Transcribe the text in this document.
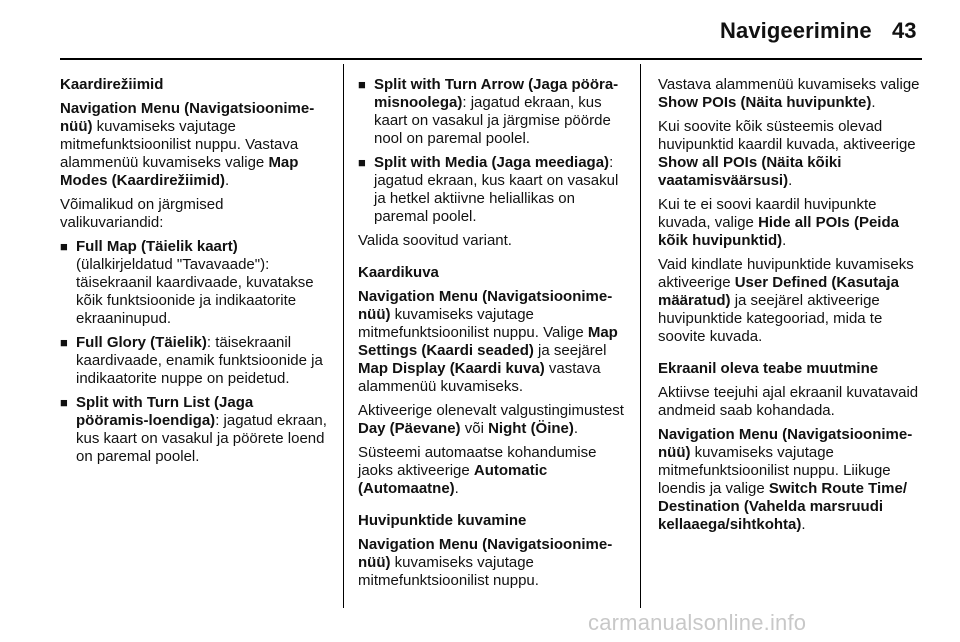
Navigeerimine 43

Kaardirežiimid

Navigation Menu (Navigatsioonime-nüü) kuvamiseks vajutage mitmefunktsioonilist nuppu. Vastava alammenüü kuvamiseks valige Map Modes (Kaardirežiimid).

Võimalikud on järgmised valikuvariandid:

■ Full Map (Täielik kaart) (ülalkirjeldatud "Tavavaade"): täisekraanil kaardivaade, kuvatakse kõik funktsioonide ja indikaatorite ekraaninupud.
■ Full Glory (Täielik): täisekraanil kaardivaade, enamik funktsioonide ja indikaatorite nuppe on peidetud.
■ Split with Turn List (Jaga pööramis-loendiga): jagatud ekraan, kus kaart on vasakul ja pöörete loend on paremal poolel.
■ Split with Turn Arrow (Jaga pööra-misnoolega): jagatud ekraan, kus kaart on vasakul ja järgmise pöörde nool on paremal poolel.
■ Split with Media (Jaga meediaga): jagatud ekraan, kus kaart on vasakul ja hetkel aktiivne heliallikas on paremal poolel.

Valida soovitud variant.

Kaardikuva

Navigation Menu (Navigatsioonime-nüü) kuvamiseks vajutage mitmefunktsioonilist nuppu. Valige Map Settings (Kaardi seaded) ja seejärel Map Display (Kaardi kuva) vastava alammenüü kuvamiseks.

Aktiveerige olenevalt valgustingimustest Day (Päevane) või Night (Öine).

Süsteemi automaatse kohandumise jaoks aktiveerige Automatic (Automaatne).

Huvipunktide kuvamine

Navigation Menu (Navigatsioonime-nüü) kuvamiseks vajutage mitmefunktsioonilist nuppu.

Vastava alammenüü kuvamiseks valige Show POIs (Näita huvipunkte).

Kui soovite kõik süsteemis olevad huvipunktid kaardil kuvada, aktiveerige Show all POIs (Näita kõiki vaatamisväärsusi).

Kui te ei soovi kaardil huvipunkte kuvada, valige Hide all POIs (Peida kõik huvipunktid).

Vaid kindlate huvipunktide kuvamiseks aktiveerige User Defined (Kasutaja määratud) ja seejärel aktiveerige huvipunktide kategooriad, mida te soovite kuvada.

Ekraanil oleva teabe muutmine

Aktiivse teejuhi ajal ekraanil kuvatavaid andmeid saab kohandada.

Navigation Menu (Navigatsioonime-nüü) kuvamiseks vajutage mitmefunktsioonilist nuppu. Liikuge loendis ja valige Switch Route Time/ Destination (Vahelda marsruudi kellaaega/sihtkohta).

carmanualsonline.info
